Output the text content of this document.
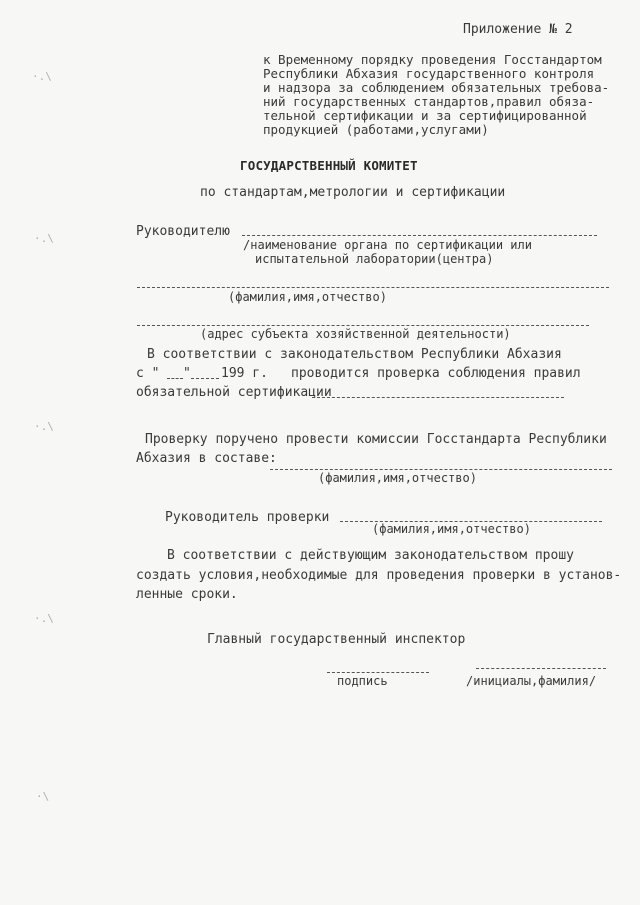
·.\
·.\
·.\
·.\
·\
Приложение № 2
к Временному порядку проведения Госстандартом
Республики Абхазия государственного контроля
и надзора за соблюдением обязательных требова-
ний государственных стандартов,правил обяза-
тельной сертификации и за сертифицированной
продукцией (работами,услугами)
ГОСУДАРСТВЕННЫЙ КОМИТЕТ
по стандартам,метрологии и сертификации
Руководителю
/наименование органа по сертификации или
испытательной лаборатории(центра)
(фамилия,имя,отчество)
(адрес субъекта хозяйственной деятельности)
В соответствии с законодательством Республики Абхазия
с " " 199 г. проводится проверка соблюдения правил
обязательной сертификации
Проверку поручено провести комиссии Госстандарта Республики
Абхазия в составе:
(фамилия,имя,отчество)
Руководитель проверки
(фамилия,имя,отчество)
В соответствии с действующим законодательством прошу
создать условия,необходимые для проведения проверки в установ-
ленные сроки.
Главный государственный инспектор
подпись	/инициалы,фамилия/
